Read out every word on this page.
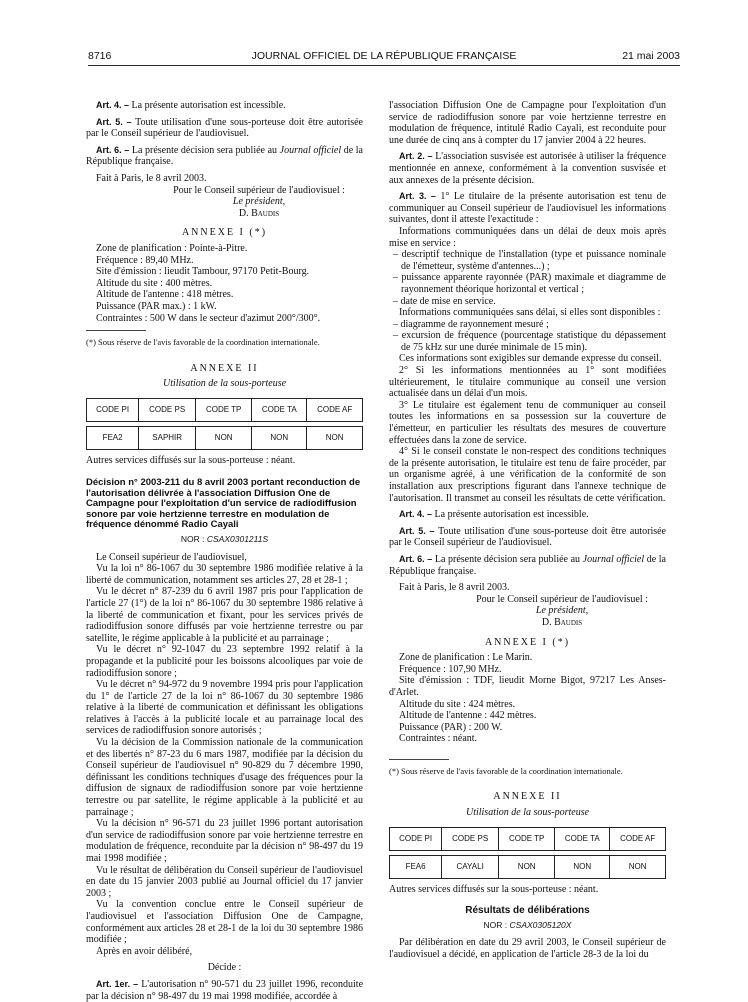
8716	JOURNAL OFFICIEL DE LA RÉPUBLIQUE FRANÇAISE	21 mai 2003

Art. 4. – La présente autorisation est incessible.

Art. 5. – Toute utilisation d'une sous-porteuse doit être autorisée par le Conseil supérieur de l'audiovisuel.

Art. 6. – La présente décision sera publiée au Journal officiel de la République française.

Fait à Paris, le 8 avril 2003.

Pour le Conseil supérieur de l'audiovisuel :
Le président,
D. Baudis
ANNEXE I (*)

Zone de planification : Pointe-à-Pitre.

Fréquence : 89,40 MHz.

Site d'émission : lieudit Tambour, 97170 Petit-Bourg.

Altitude du site : 400 mètres.

Altitude de l'antenne : 418 mètres.

Puissance (PAR max.) : 1 kW.

Contraintes : 500 W dans le secteur d'azimut 200°/300°.

(*) Sous réserve de l'avis favorable de la coordination internationale.

ANNEXE II
Utilisation de la sous-porteuse
CODE PI	CODE PS	CODE TP	CODE TA	CODE AF

FEA2	SAPHIR	NON	NON	NON

Autres services diffusés sur la sous-porteuse : néant.

Décision n° 2003-211 du 8 avril 2003 portant reconduction de l'autorisation délivrée à l'association Diffusion One de Campagne pour l'exploitation d'un service de radiodiffusion sonore par voie hertzienne terrestre en modulation de fréquence dénommé Radio Cayali

NOR : CSAX0301211S

Le Conseil supérieur de l'audiovisuel,

Vu la loi n° 86-1067 du 30 septembre 1986 modifiée relative à la liberté de communication, notamment ses articles 27, 28 et 28-1 ;

Vu le décret n° 87-239 du 6 avril 1987 pris pour l'application de l'article 27 (1°) de la loi n° 86-1067 du 30 septembre 1986 relative à la liberté de communication et fixant, pour les services privés de radiodiffusion sonore diffusés par voie hertzienne terrestre ou par satellite, le régime applicable à la publicité et au parrainage ;

Vu le décret n° 92-1047 du 23 septembre 1992 relatif à la propagande et la publicité pour les boissons alcooliques par voie de radiodiffusion sonore ;

Vu le décret n° 94-972 du 9 novembre 1994 pris pour l'application du 1° de l'article 27 de la loi n° 86-1067 du 30 septembre 1986 relative à la liberté de communication et définissant les obligations relatives à l'accès à la publicité locale et au parrainage local des services de radiodiffusion sonore autorisés ;

Vu la décision de la Commission nationale de la communication et des libertés n° 87-23 du 6 mars 1987, modifiée par la décision du Conseil supérieur de l'audiovisuel n° 90-829 du 7 décembre 1990, définissant les conditions techniques d'usage des fréquences pour la diffusion de signaux de radiodiffusion sonore par voie hertzienne terrestre ou par satellite, le régime applicable à la publicité et au parrainage ;

Vu la décision n° 96-571 du 23 juillet 1996 portant autorisation d'un service de radiodiffusion sonore par voie hertzienne terrestre en modulation de fréquence, reconduite par la décision n° 98-497 du 19 mai 1998 modifiée ;

Vu le résultat de délibération du Conseil supérieur de l'audiovisuel en date du 15 janvier 2003 publié au Journal officiel du 17 janvier 2003 ;

Vu la convention conclue entre le Conseil supérieur de l'audiovisuel et l'association Diffusion One de Campagne, conformément aux articles 28 et 28-1 de la loi du 30 septembre 1986 modifiée ;

Après en avoir délibéré,

Décide :

Art. 1er. – L'autorisation n° 90-571 du 23 juillet 1996, reconduite par la décision n° 98-497 du 19 mai 1998 modifiée, accordée à

l'association Diffusion One de Campagne pour l'exploitation d'un service de radiodiffusion sonore par voie hertzienne terrestre en modulation de fréquence, intitulé Radio Cayali, est reconduite pour une durée de cinq ans à compter du 17 janvier 2004 à 22 heures.

Art. 2. – L'association susvisée est autorisée à utiliser la fréquence mentionnée en annexe, conformément à la convention susvisée et aux annexes de la présente décision.

Art. 3. – 1° Le titulaire de la présente autorisation est tenu de communiquer au Conseil supérieur de l'audiovisuel les informations suivantes, dont il atteste l'exactitude :

Informations communiquées dans un délai de deux mois après mise en service :

– descriptif technique de l'installation (type et puissance nominale de l'émetteur, système d'antennes...) ;

– puissance apparente rayonnée (PAR) maximale et diagramme de rayonnement théorique horizontal et vertical ;

– date de mise en service.

Informations communiquées sans délai, si elles sont disponibles :

– diagramme de rayonnement mesuré ;

– excursion de fréquence (pourcentage statistique du dépassement de 75 kHz sur une durée minimale de 15 min).

Ces informations sont exigibles sur demande expresse du conseil.

2° Si les informations mentionnées au 1° sont modifiées ultérieurement, le titulaire communique au conseil une version actualisée dans un délai d'un mois.

3° Le titulaire est également tenu de communiquer au conseil toutes les informations en sa possession sur la couverture de l'émetteur, en particulier les résultats des mesures de couverture effectuées dans la zone de service.

4° Si le conseil constate le non-respect des conditions techniques de la présente autorisation, le titulaire est tenu de faire procéder, par un organisme agréé, à une vérification de la conformité de son installation aux prescriptions figurant dans l'annexe technique de l'autorisation. Il transmet au conseil les résultats de cette vérification.

Art. 4. – La présente autorisation est incessible.

Art. 5. – Toute utilisation d'une sous-porteuse doit être autorisée par le Conseil supérieur de l'audiovisuel.

Art. 6. – La présente décision sera publiée au Journal officiel de la République française.

Fait à Paris, le 8 avril 2003.

Pour le Conseil supérieur de l'audiovisuel :
Le président,
D. Baudis
ANNEXE I (*)

Zone de planification : Le Marin.

Fréquence : 107,90 MHz.

Site d'émission : TDF, lieudit Morne Bigot, 97217 Les Anses-d'Arlet.

Altitude du site : 424 mètres.

Altitude de l'antenne : 442 mètres.

Puissance (PAR) : 200 W.

Contraintes : néant.

(*) Sous réserve de l'avis favorable de la coordination internationale.

ANNEXE II
Utilisation de la sous-porteuse
CODE PI	CODE PS	CODE TP	CODE TA	CODE AF

FEA6	CAYALI	NON	NON	NON

Autres services diffusés sur la sous-porteuse : néant.

Résultats de délibérations

NOR : CSAX0305120X

Par délibération en date du 29 avril 2003, le Conseil supérieur de l'audiovisuel a décidé, en application de l'article 28-3 de la loi du
